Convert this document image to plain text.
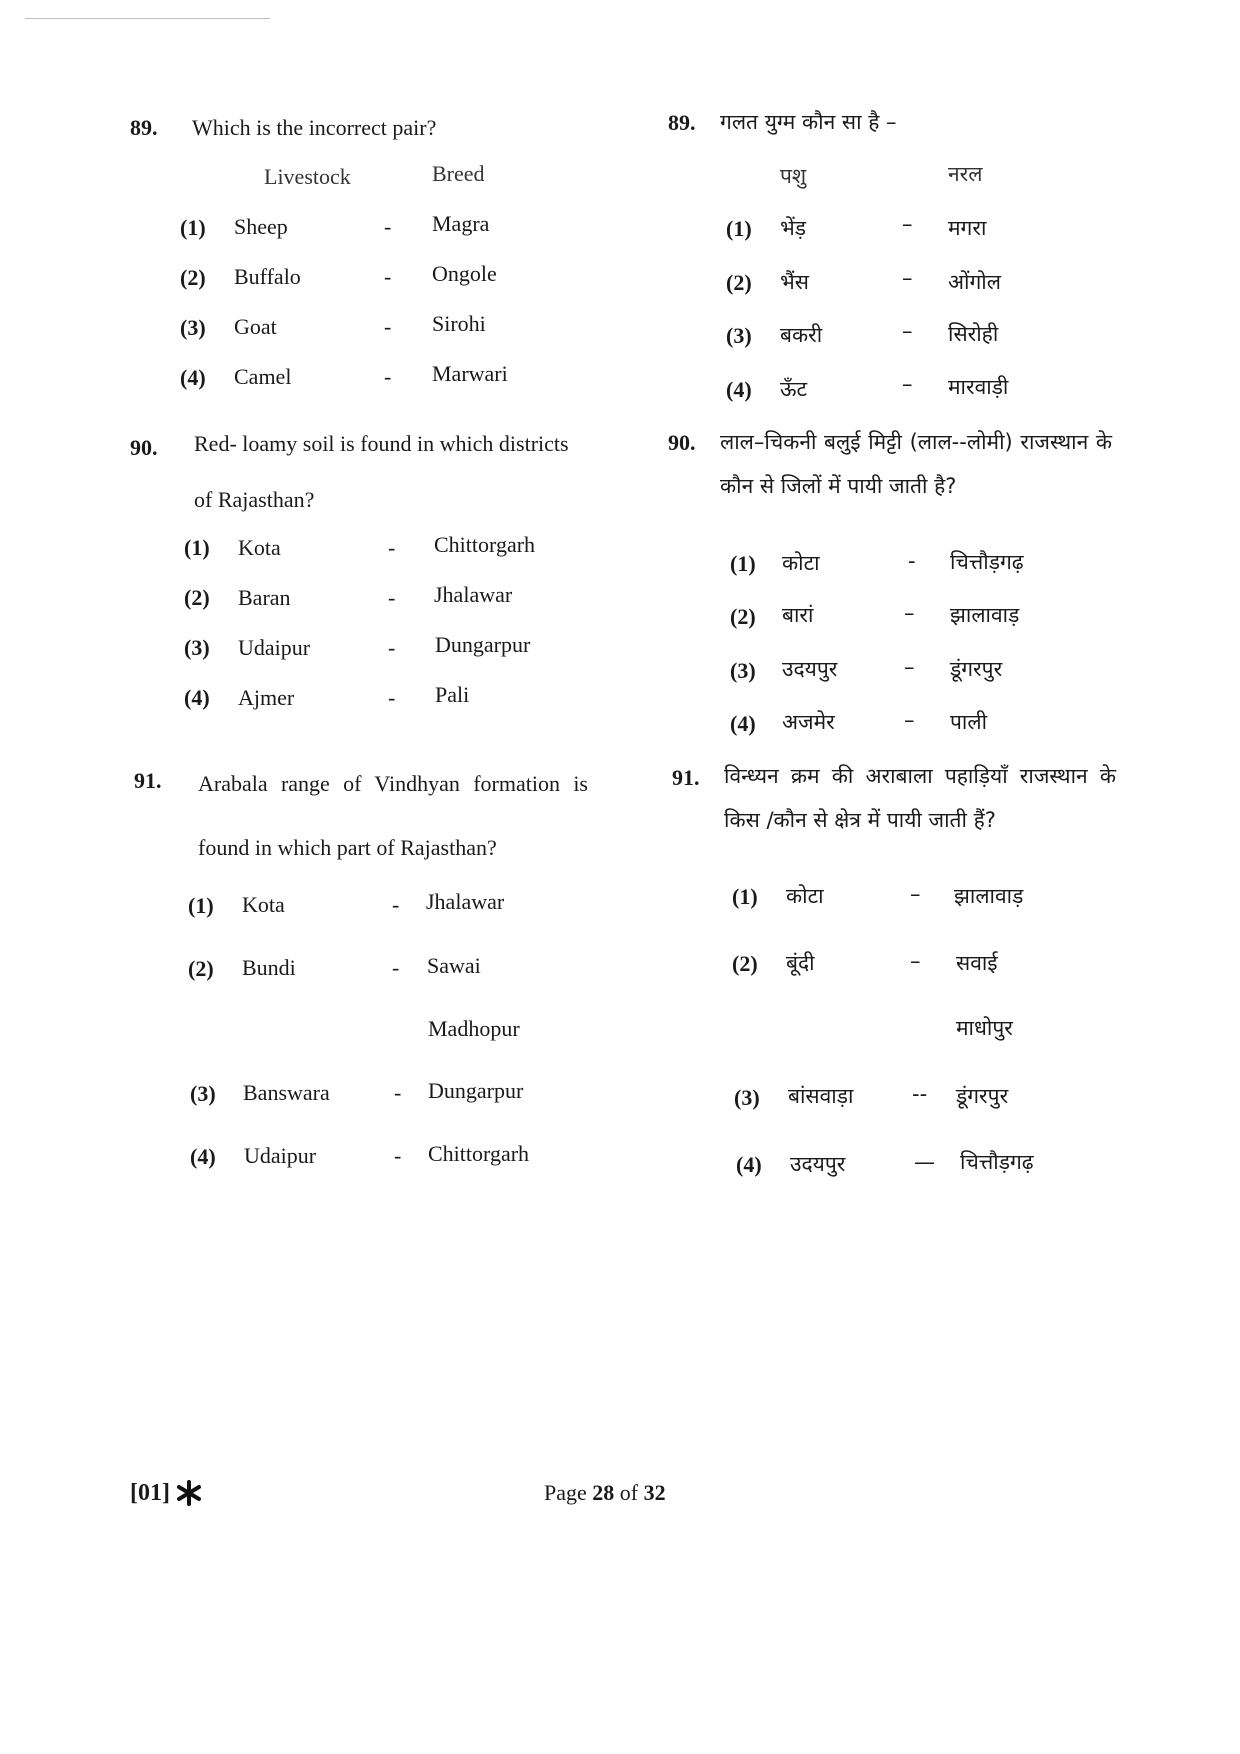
89. Which is the incorrect pair?
Livestock	Breed
(1) Sheep	- Magra
(2) Buffalo	- Ongole
(3) Goat	- Sirohi
(4) Camel	- Marwari
90. Red- loamy soil is found in which districts of Rajasthan?
(1) Kota	- Chittorgarh
(2) Baran	- Jhalawar
(3) Udaipur	- Dungarpur
(4) Ajmer	- Pali
91. Arabala range of Vindhyan formation is found in which part of Rajasthan?
(1) Kota	- Jhalawar
(2) Bundi	- Sawai
Madhopur
(3) Banswara	- Dungarpur
(4) Udaipur	- Chittorgarh
89. गलत युग्म कौन सा है –
पशु	नरल
(1) भेंड़	– मगरा
(2) भैंस	– ओंगोल
(3) बकरी	– सिरोही
(4) ऊँट	– मारवाड़ी
90. लाल–चिकनी बलुई मिट्टी (लाल--लोमी) राजस्थान के कौन से जिलों में पायी जाती है?
(1) कोटा	- चित्तौड़गढ़
(2) बारां	– झालावाड़
(3) उदयपुर	– डूंगरपुर
(4) अजमेर	– पाली
91. विन्ध्यन क्रम की अराबाला पहाड़ियाँ राजस्थान के किस /कौन से क्षेत्र में पायी जाती हैं?
(1) कोटा	– झालावाड़
(2) बूंदी	– सवाई
माधोपुर
(3) बांसवाड़ा	-- डूंगरपुर
(4) उदयपुर	— चित्तौड़गढ़
[01]	Page 28 of 32
